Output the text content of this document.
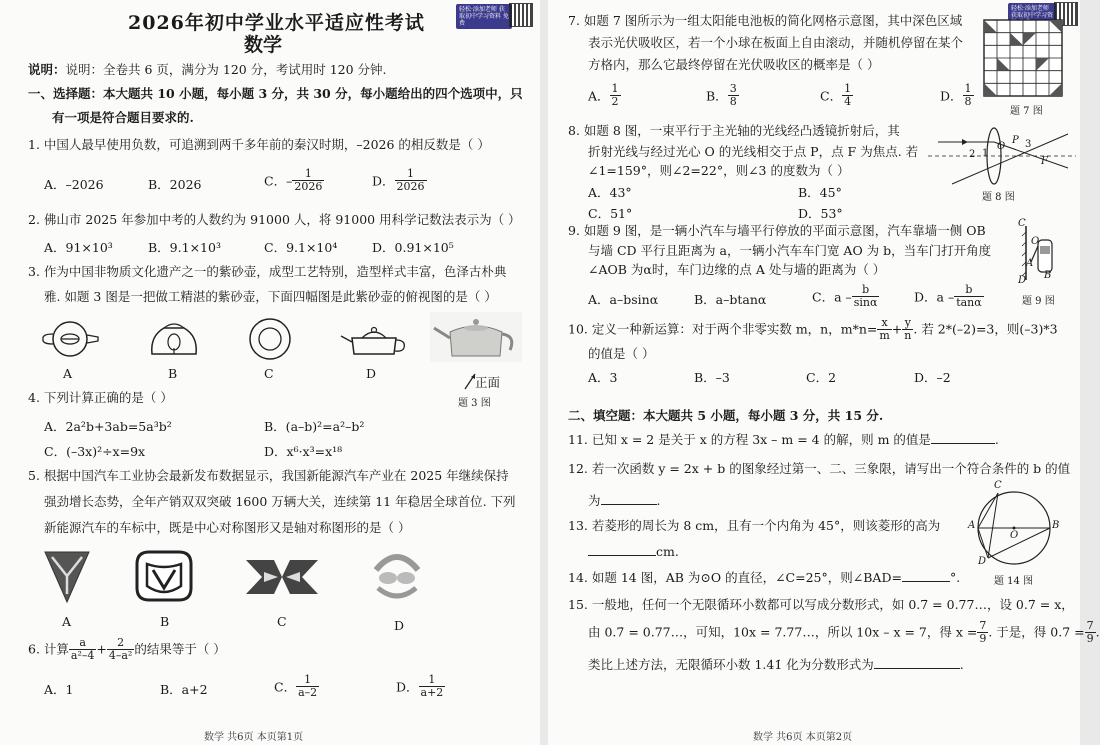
2026年初中学业水平适应性考试
数学
轻松·添加老师 获取初中学习资料 免费
说明：说明：全卷共 6 页，满分为 120 分，考试用时 120 分钟.
一、选择题：本大题共 10 小题，每小题 3 分，共 30 分，每小题给出的四个选项中，只
有一项是符合题目要求的.
1. 中国人最早使用负数，可追溯到两千多年前的秦汉时期，–2026 的相反数是（ ）
A．–2026	B．2026	C．– $\frac{1}{2026}$	D． $\frac{1}{2026}$
2. 佛山市 2025 年参加中考的人数约为 91000 人，将 91000 用科学记数法表示为（ ）
A．91×10³	B．9.1×10³	C．9.1×10⁴	D．0.91×10⁵
3. 作为中国非物质文化遗产之一的紫砂壶，成型工艺特别，造型样式丰富，色泽古朴典
雅. 如题 3 图是一把做工精湛的紫砂壶，下面四幅图是此紫砂壶的俯视图的是（ ）
A	B	C	D
正面
题 3 图
4. 下列计算正确的是（ ）
A．2a²b+3ab=5a³b²	B．(a–b)²=a²–b²
C．(–3x)²÷x=9x	D．x⁶·x³=x¹⁸
5. 根据中国汽车工业协会最新发布数据显示，我国新能源汽车产业在 2025 年继续保持
强劲增长态势，全年产销双双突破 1600 万辆大关，连续第 11 年稳居全球首位. 下列
新能源汽车的车标中，既是中心对称图形又是轴对称图形的是（ ）
A	B	C	D
6. 计算 $\frac{a}{\text{a²–4}} + \frac{2}{\text{4–a²}}$ 的结果等于（ ）
A．1	B．a+2	C． $\frac{1}{a-2}$	D． $\frac{1}{a+2}$
数学 共6页 本页第1页
轻松·添加老师 获取初中学习资
7. 如题 7 图所示为一组太阳能电池板的简化网格示意图，其中深色区域
表示光伏吸收区，若一个小球在板面上自由滚动，并随机停留在某个
方格内，那么它最终停留在光伏吸收区的概率是（ ）
A． $\frac{1}{2}$	B． $\frac{3}{8}$	C． $\frac{1}{4}$	D． $\frac{1}{8}$
题 7 图
8. 如题 8 图，一束平行于主光轴的光线经凸透镜折射后，其
折射光线与经过光心 O 的光线相交于点 P，点 F 为焦点. 若
∠1=159°，则∠2=22°，则∠3 的度数为（ ）
A．43°	B．45°
C．51°	D．53°
P 3
O
1
2
F
题 8 图
9. 如题 9 图，是一辆小汽车与墙平行停放的平面示意图，汽车靠墙一侧 OB
与墙 CD 平行且距离为 a，一辆小汽车车门宽 AO 为 b，当车门打开角度
∠AOB 为α时，车门边缘的点 A 处与墙的距离为（ ）
A．a–bsinα	B．a–btanα	C．a – $\frac{b}{\sin\alpha}$	D．a – $\frac{b}{\tan\alpha}$
C
D
O
A
B
题 9 图
10. 定义一种新运算：对于两个非零实数 m，n，$m*n= \frac{x}{m} + \frac{y}{n}$ . 若 2*(–2)=3，则(–3)*3
的值是（ ）
A．3	B．–3	C．2	D．–2
二、填空题：本大题共 5 小题，每小题 3 分，共 15 分.
11. 已知 x = 2 是关于 x 的方程 3x – m = 4 的解，则 m 的值是	.
12. 若一次函数 y = 2x + b 的图象经过第一、二、三象限，请写出一个符合条件的 b 的值
为	.
13. 若菱形的周长为 8 cm，且有一个内角为 45°，则该菱形的高为
cm.
14. 如题 14 图，AB 为⊙O 的直径，∠C=25°，则∠BAD=	°.
C
A	B
O
D
题 14 图
15. 一般地，任何一个无限循环小数都可以写成分数形式，如 0.7̇ = 0.77…，设 0.7̇ = x，
由 0.7̇ = 0.77…，可知，10x = 7.77…，所以 10x – x = 7，得 $x = \frac{7}{9}$ . 于是，得 0.7̇ = $\frac{7}{9}$ .
类比上述方法，无限循环小数 1.4̇1̇ 化为分数形式为	.
数学 共6页 本页第2页
